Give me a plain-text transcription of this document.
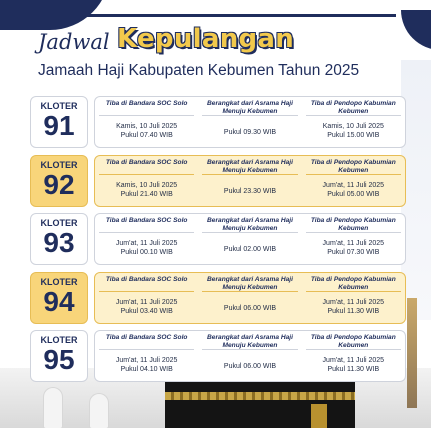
Jadwal Kepulangan
Jamaah Haji Kabupaten Kebumen Tahun 2025
KLOTER
91
Tiba di Bandara SOC Solo
Kamis, 10 Juli 2025
Pukul 07.40 WIB
Berangkat dari Asrama Haji Menuju Kebumen
Pukul 09.30 WIB
Tiba di Pendopo Kabumian Kebumen
Kamis, 10 Juli 2025
Pukul 15.00 WIB
KLOTER
92
Tiba di Bandara SOC Solo
Kamis, 10 Juli 2025
Pukul 21.40 WIB
Berangkat dari Asrama Haji Menuju Kebumen
Pukul 23.30 WIB
Tiba di Pendopo Kabumian Kebumen
Jum'at, 11 Juli 2025
Pukul 05.00 WIB
KLOTER
93
Tiba di Bandara SOC Solo
Jum'at, 11 Juli 2025
Pukul 00.10 WIB
Berangkat dari Asrama Haji Menuju Kebumen
Pukul 02.00 WIB
Tiba di Pendopo Kabumian Kebumen
Jum'at, 11 Juli 2025
Pukul 07.30 WIB
KLOTER
94
Tiba di Bandara SOC Solo
Jum'at, 11 Juli 2025
Pukul 03.40 WIB
Berangkat dari Asrama Haji Menuju Kebumen
Pukul 06.00 WIB
Tiba di Pendopo Kabumian Kebumen
Jum'at, 11 Juli 2025
Pukul 11.30 WIB
KLOTER
95
Tiba di Bandara SOC Solo
Jum'at, 11 Juli 2025
Pukul 04.10 WIB
Berangkat dari Asrama Haji Menuju Kebumen
Pukul 06.00 WIB
Tiba di Pendopo Kabumian Kebumen
Jum'at, 11 Juli 2025
Pukul 11.30 WIB
